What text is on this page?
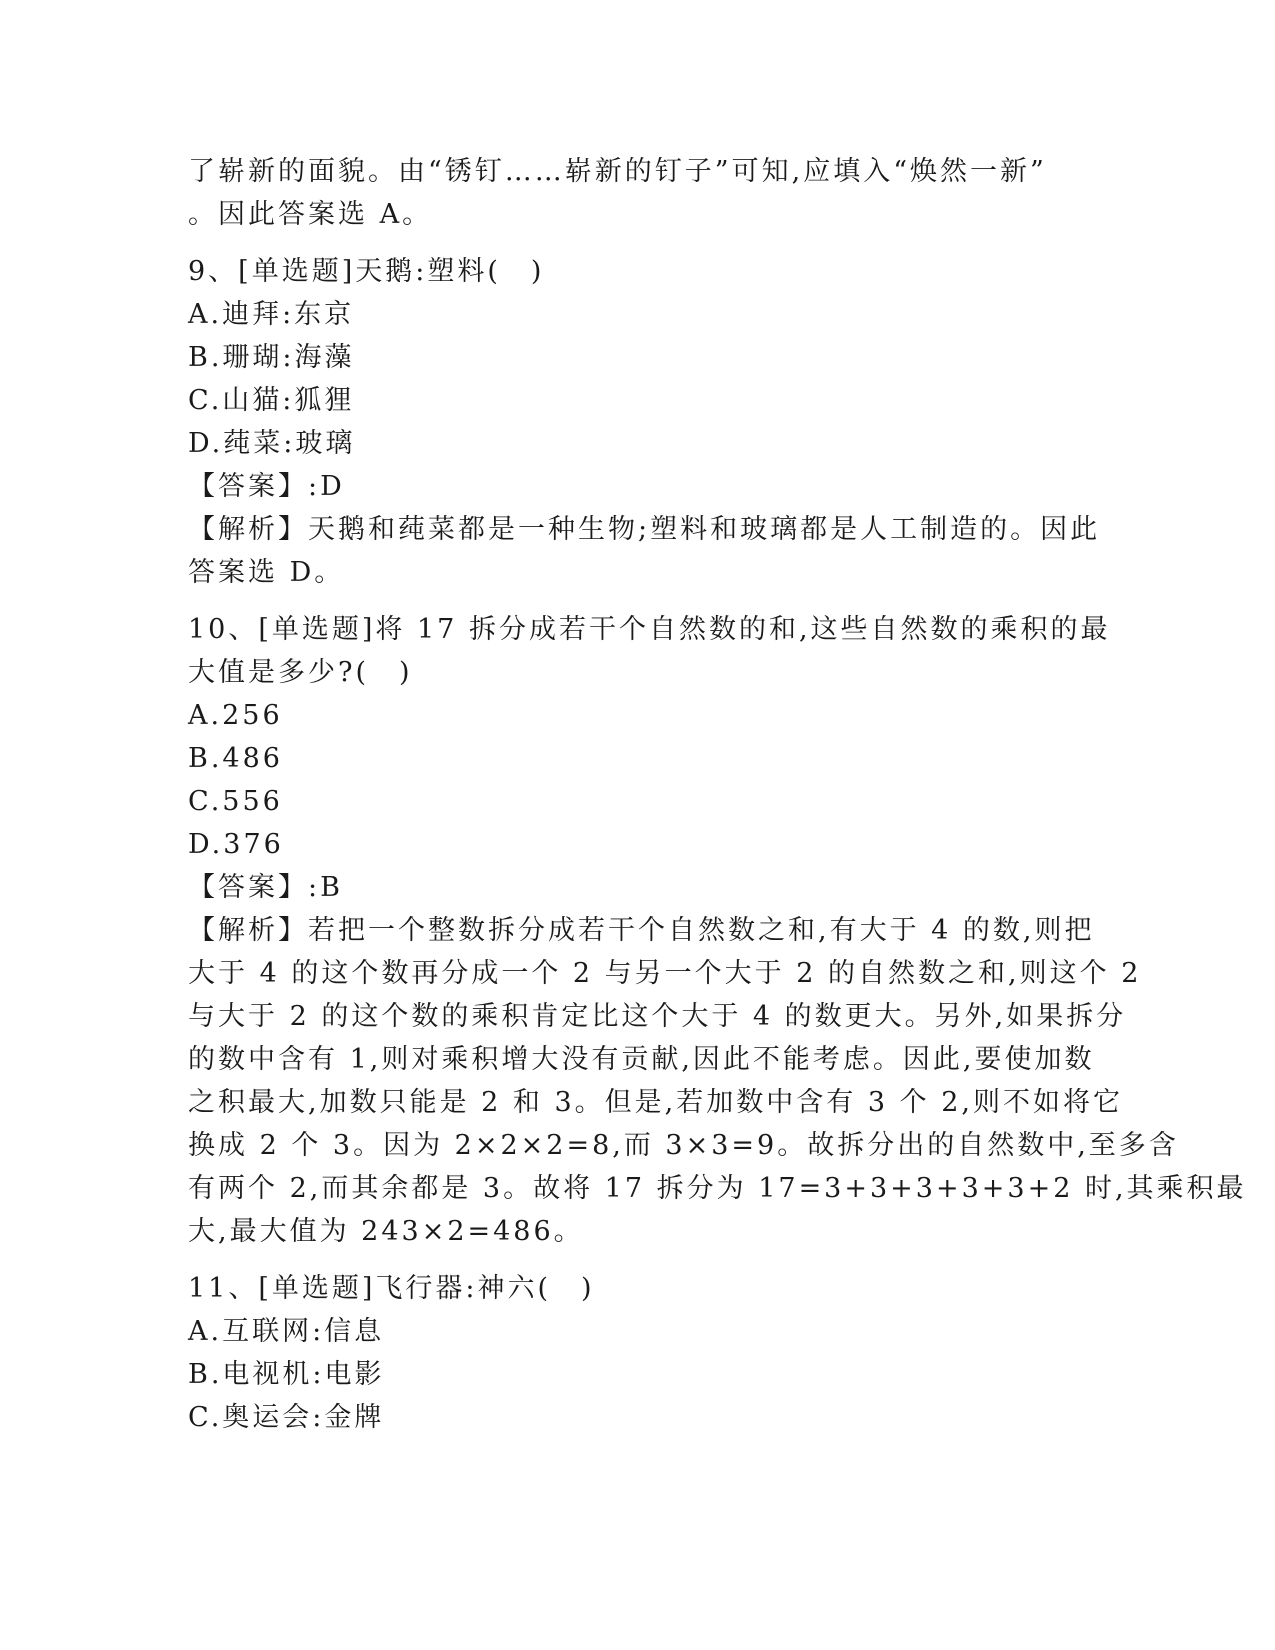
了崭新的面貌。由“锈钉……崭新的钉子”可知,应填入“焕然一新”
。因此答案选 A。
9、[单选题]天鹅:塑料(　)
A.迪拜:东京
B.珊瑚:海藻
C.山猫:狐狸
D.莼菜:玻璃
【答案】:D
【解析】天鹅和莼菜都是一种生物;塑料和玻璃都是人工制造的。因此
答案选 D。
10、[单选题]将 17 拆分成若干个自然数的和,这些自然数的乘积的最
大值是多少?(　)
A.256
B.486
C.556
D.376
【答案】:B
【解析】若把一个整数拆分成若干个自然数之和,有大于 4 的数,则把
大于 4 的这个数再分成一个 2 与另一个大于 2 的自然数之和,则这个 2
与大于 2 的这个数的乘积肯定比这个大于 4 的数更大。另外,如果拆分
的数中含有 1,则对乘积增大没有贡献,因此不能考虑。因此,要使加数
之积最大,加数只能是 2 和 3。但是,若加数中含有 3 个 2,则不如将它
换成 2 个 3。因为 2×2×2=8,而 3×3=9。故拆分出的自然数中,至多含
有两个 2,而其余都是 3。故将 17 拆分为 17=3+3+3+3+3+2 时,其乘积最
大,最大值为 243×2=486。
11、[单选题]飞行器:神六(　)
A.互联网:信息
B.电视机:电影
C.奥运会:金牌
